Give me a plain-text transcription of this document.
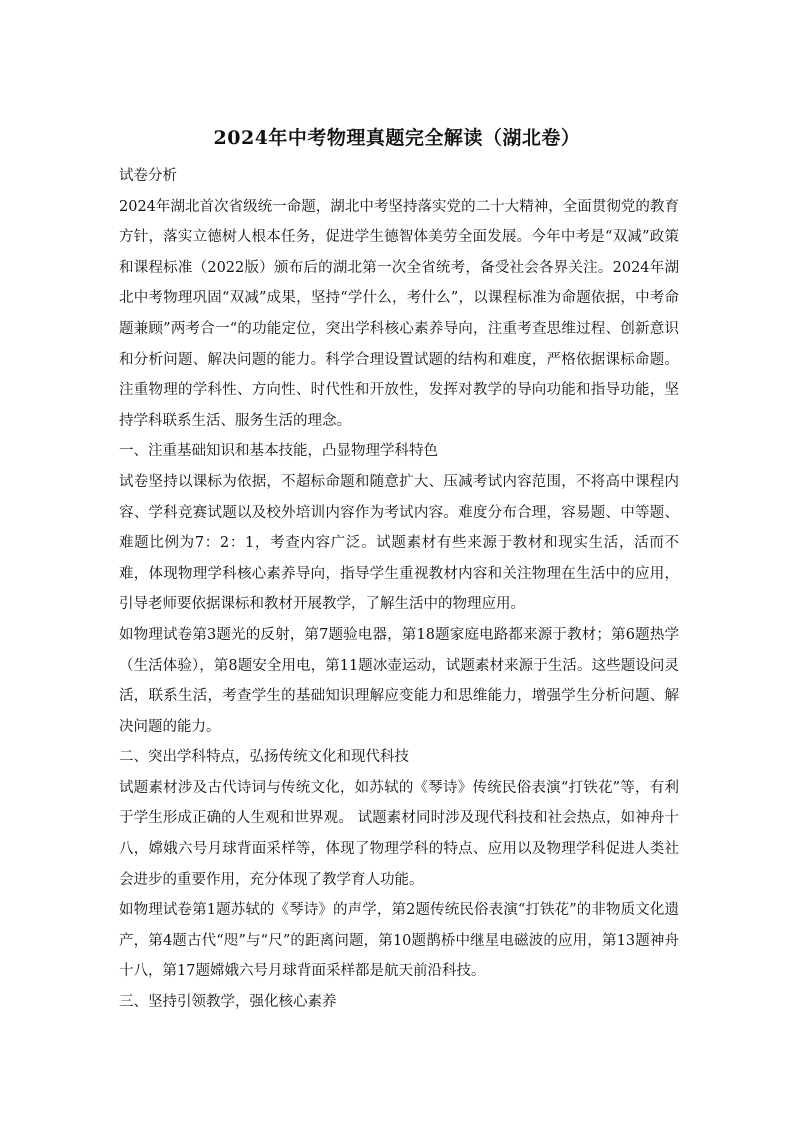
2024年中考物理真题完全解读（湖北卷）

试卷分析

2024年湖北首次省级统一命题，湖北中考坚持落实党的二十大精神，全面贯彻党的教育方针，落实立德树人根本任务，促进学生德智体美劳全面发展。今年中考是“双减”政策和课程标准（2022版）颁布后的湖北第一次全省统考，备受社会各界关注。2024年湖北中考物理巩固“双减”成果，坚持“学什么，考什么”，以课程标准为命题依据，中考命题兼顾”两考合一“的功能定位，突出学科核心素养导向，注重考查思维过程、创新意识和分析问题、解决问题的能力。科学合理设置试题的结构和难度，严格依据课标命题。注重物理的学科性、方向性、时代性和开放性，发挥对教学的导向功能和指导功能，坚持学科联系生活、服务生活的理念。

一、注重基础知识和基本技能，凸显物理学科特色

试卷坚持以课标为依据，不超标命题和随意扩大、压减考试内容范围，不将高中课程内容、学科竞赛试题以及校外培训内容作为考试内容。难度分布合理，容易题、中等题、难题比例为7：2：1，考查内容广泛。试题素材有些来源于教材和现实生活，活而不难，体现物理学科核心素养导向，指导学生重视教材内容和关注物理在生活中的应用，引导老师要依据课标和教材开展教学，了解生活中的物理应用。

如物理试卷第3题光的反射，第7题验电器，第18题家庭电路都来源于教材；第6题热学（生活体验），第8题安全用电，第11题冰壶运动，试题素材来源于生活。这些题设问灵活，联系生活，考查学生的基础知识理解应变能力和思维能力，增强学生分析问题、解决问题的能力。

二、突出学科特点，弘扬传统文化和现代科技

试题素材涉及古代诗词与传统文化，如苏轼的《琴诗》传统民俗表演“打铁花”等，有利于学生形成正确的人生观和世界观。 试题素材同时涉及现代科技和社会热点，如神舟十八，嫦娥六号月球背面采样等，体现了物理学科的特点、应用以及物理学科促进人类社会进步的重要作用，充分体现了教学育人功能。

如物理试卷第1题苏轼的《琴诗》的声学，第2题传统民俗表演“打铁花”的非物质文化遗产，第4题古代“咫”与“尺”的距离问题，第10题鹊桥中继星电磁波的应用，第13题神舟十八，第17题嫦娥六号月球背面采样都是航天前沿科技。

三、坚持引领教学，强化核心素养
